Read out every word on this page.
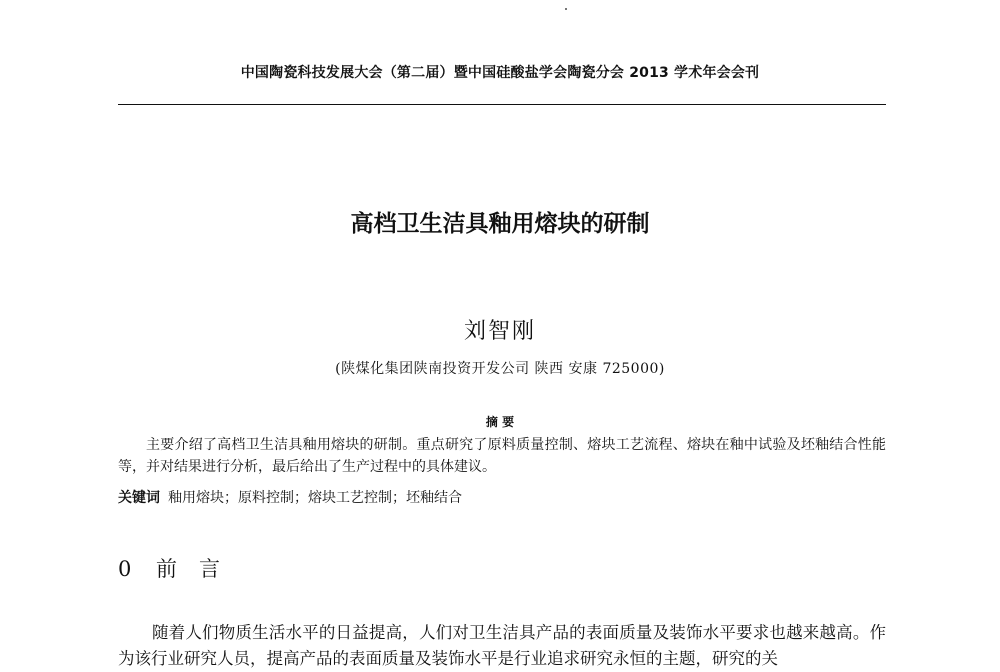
中国陶瓷科技发展大会（第二届）暨中国硅酸盐学会陶瓷分会 2013 学术年会会刊
高档卫生洁具釉用熔块的研制
刘智刚
(陕煤化集团陕南投资开发公司 陕西 安康 725000)
摘 要

主要介绍了高档卫生洁具釉用熔块的研制。重点研究了原料质量控制、熔块工艺流程、熔块在釉中试验及坯釉结合性能等，并对结果进行分析，最后给出了生产过程中的具体建议。

关键词 釉用熔块；原料控制；熔块工艺控制；坯釉结合
0 前言

随着人们物质生活水平的日益提高，人们对卫生洁具产品的表面质量及装饰水平要求也越来越高。作为该行业研究人员，提高产品的表面质量及装饰水平是行业追求研究永恒的主题，研究的关
